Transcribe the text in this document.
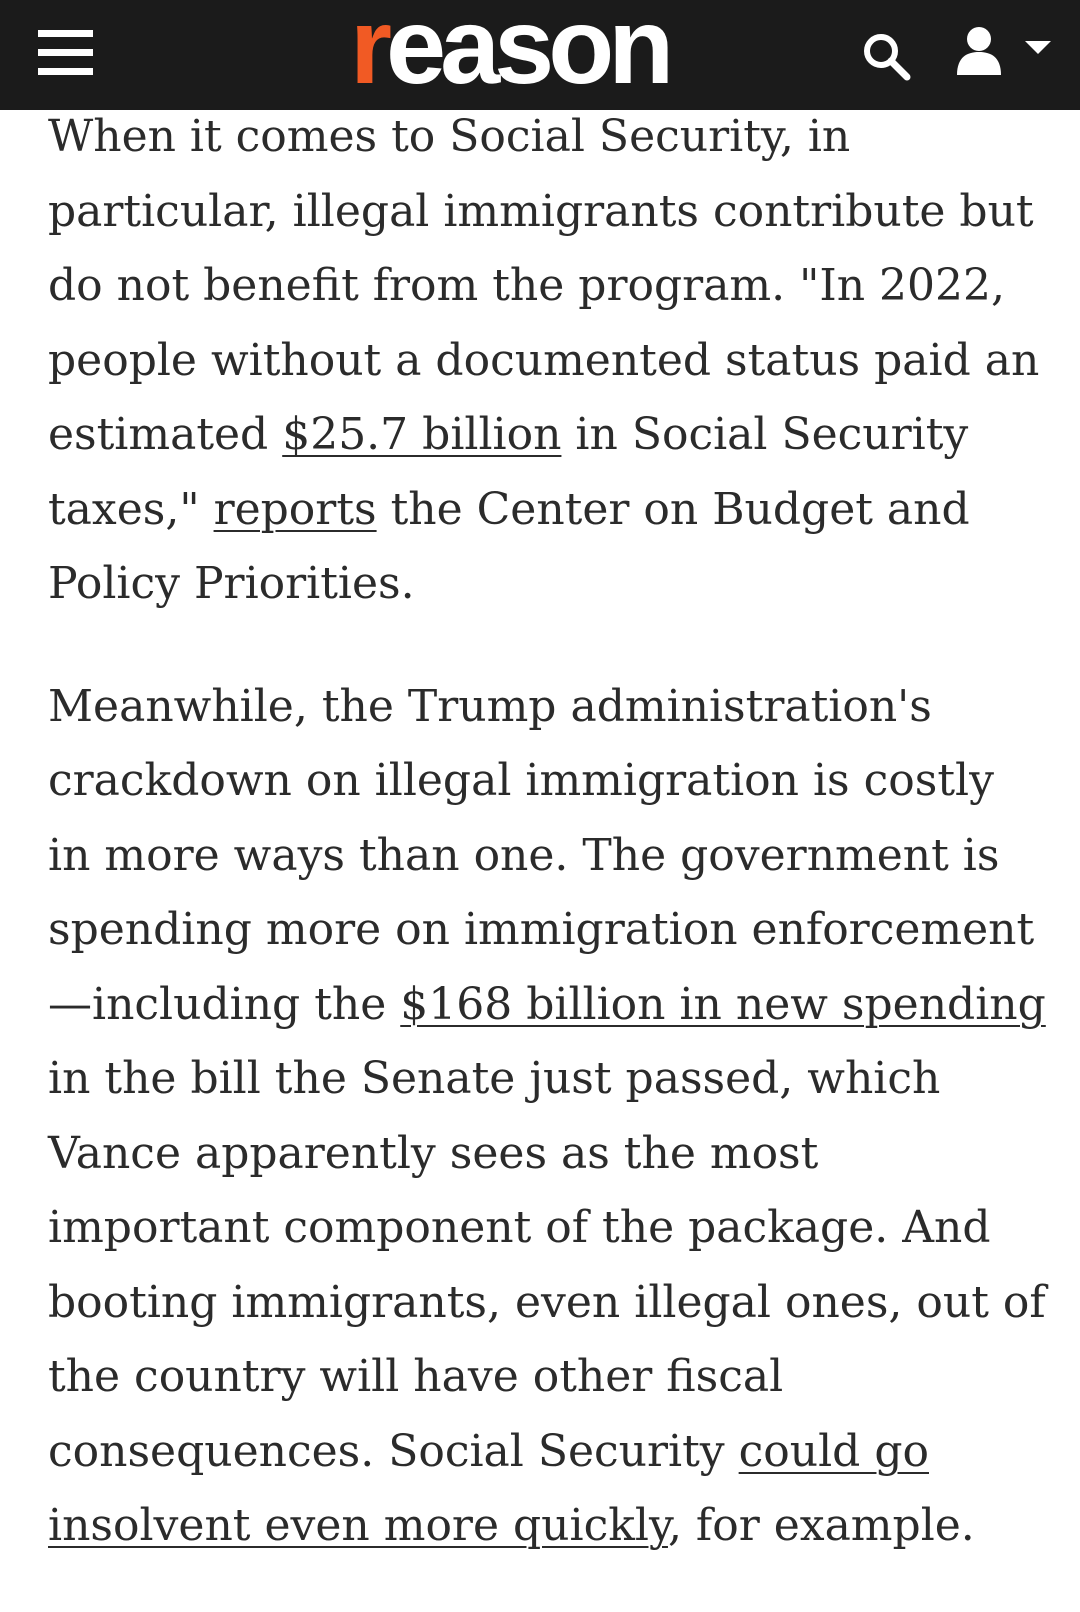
reason

When it comes to Social Security, in particular, illegal immigrants contribute but do not benefit from the program. "In 2022, people without a documented status paid an estimated $25.7 billion in Social Security taxes," reports the Center on Budget and Policy Priorities.

Meanwhile, the Trump administration's crackdown on illegal immigration is costly in more ways than one. The government is spending more on immigration enforcement—including the $168 billion in new spending in the bill the Senate just passed, which Vance apparently sees as the most important component of the package. And booting immigrants, even illegal ones, out of the country will have other fiscal consequences. Social Security could go insolvent even more quickly, for example.
